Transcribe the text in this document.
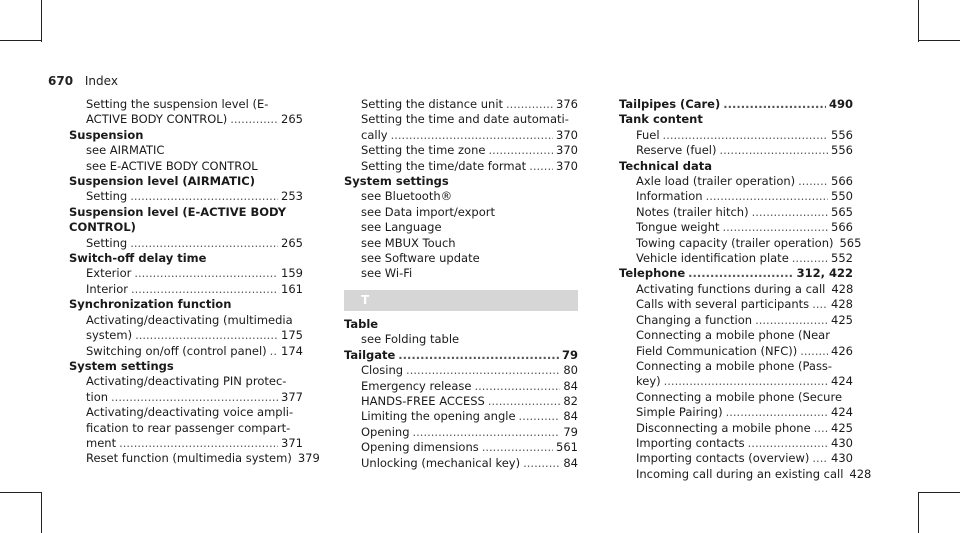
670 Index
Setting the suspension level (E-
ACTIVE BODY CONTROL) .....	265
Suspension
see AIRMATIC
see E-ACTIVE BODY CONTROL
Suspension level (AIRMATIC)
Setting .....	253
Suspension level (E-ACTIVE BODY
CONTROL)
Setting .....	265
Switch-off delay time
Exterior .....	159
Interior .....	161
Synchronization function
Activating/deactivating (multimedia
system) .....	175
Switching on/off (control panel) ..... 174
System settings
Activating/deactivating PIN protec-
tion .....	377
Activating/deactivating voice ampli-
fication to rear passenger compart-
ment .....	371
Reset function (multimedia system) 379
Setting the distance unit .....	376
Setting the time and date automati-
cally .....	370
Setting the time zone .....	370
Setting the time/date format .....	370
System settings
see Bluetooth®
see Data import/export
see Language
see MBUX Touch
see Software update
see Wi-Fi
T
Table
see Folding table
Tailgate .....	79
Closing .....	80
Emergency release .....	84
HANDS-FREE ACCESS .....	82
Limiting the opening angle .....	84
Opening .....	79
Opening dimensions .....	561
Unlocking (mechanical key) .....	84
Tailpipes (Care) .....	490
Tank content
Fuel .....	556
Reserve (fuel) .....	556
Technical data
Axle load (trailer operation) .....	566
Information .....	550
Notes (trailer hitch) .....	565
Tongue weight .....	566
Towing capacity (trailer operation) 565
Vehicle identification plate .....	552
Telephone .....	312, 422
Activating functions during a call 428
Calls with several participants ..... 428
Changing a function .....	425
Connecting a mobile phone (Near
Field Communication (NFC)) .....	426
Connecting a mobile phone (Pass-
key) .....	424
Connecting a mobile phone (Secure
Simple Pairing) .....	424
Disconnecting a mobile phone ..... 425
Importing contacts .....	430
Importing contacts (overview) ..... 430
Incoming call during an existing call 428
